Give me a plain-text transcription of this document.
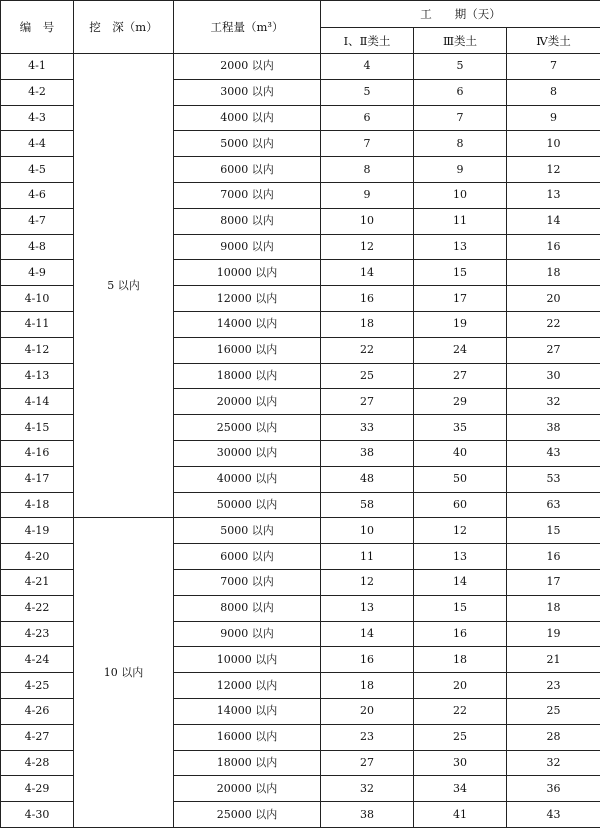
编　号	挖　深（m）	工程量（m³）	工　　期（天）		
			Ⅰ、Ⅱ类土	Ⅲ类土	Ⅳ类土
4-1	5 以内	2000 以内	4	5	7
4-2		3000 以内	5	6	8
4-3		4000 以内	6	7	9
4-4		5000 以内	7	8	10
4-5		6000 以内	8	9	12
4-6		7000 以内	9	10	13
4-7		8000 以内	10	11	14
4-8		9000 以内	12	13	16
4-9		10000 以内	14	15	18
4-10		12000 以内	16	17	20
4-11		14000 以内	18	19	22
4-12		16000 以内	22	24	27
4-13		18000 以内	25	27	30
4-14		20000 以内	27	29	32
4-15		25000 以内	33	35	38
4-16		30000 以内	38	40	43
4-17		40000 以内	48	50	53
4-18		50000 以内	58	60	63
4-19	10 以内	5000 以内	10	12	15
4-20		6000 以内	11	13	16
4-21		7000 以内	12	14	17
4-22		8000 以内	13	15	18
4-23		9000 以内	14	16	19
4-24		10000 以内	16	18	21
4-25		12000 以内	18	20	23
4-26		14000 以内	20	22	25
4-27		16000 以内	23	25	28
4-28		18000 以内	27	30	32
4-29		20000 以内	32	34	36
4-30		25000 以内	38	41	43
